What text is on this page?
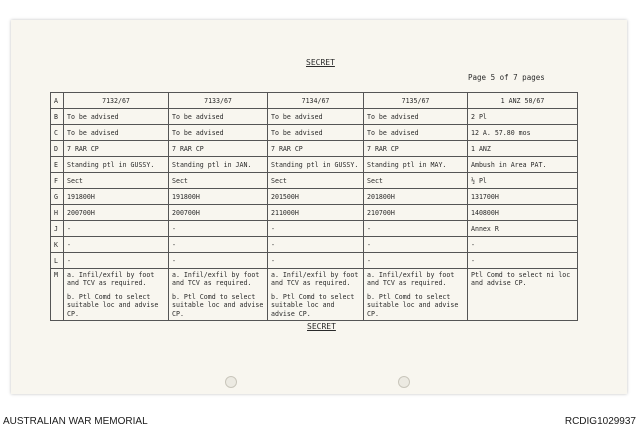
SECRET
Page 5 of 7 pages
A	7132/67	7133/67	7134/67	7135/67	1 ANZ 50/67
B	To be advised	To be advised	To be advised	To be advised	2 Pl
C	To be advised	To be advised	To be advised	To be advised	12 A. 57.80 mos
D	7 RAR CP	7 RAR CP	7 RAR CP	7 RAR CP	1 ANZ
E	Standing ptl in GUSSY.	Standing ptl in JAN.	Standing ptl in GUSSY.	Standing ptl in MAY.	Ambush in Area PAT.
F	Sect	Sect	Sect	Sect	½ Pl
G	191800H	191800H	201500H	201800H	131700H
H	200700H	200700H	211000H	210700H	140800H
J	-	-	-	-	Annex R
K	-	-	-	-	-
L	-	-	-	-	-
M	a. Infil/exfil by foot and TCV as required.
b. Ptl Comd to select suitable loc and advise CP.	a. Infil/exfil by foot and TCV as required.
b. Ptl Comd to select suitable loc and advise CP.	a. Infil/exfil by foot and TCV as required.
b. Ptl Comd to select suitable loc and advise CP.	a. Infil/exfil by foot and TCV as required.
b. Ptl Comd to select suitable loc and advise CP.	Ptl Comd to select ni loc and advise CP.
SECRET
AUSTRALIAN WAR MEMORIAL	RCDIG1029937
